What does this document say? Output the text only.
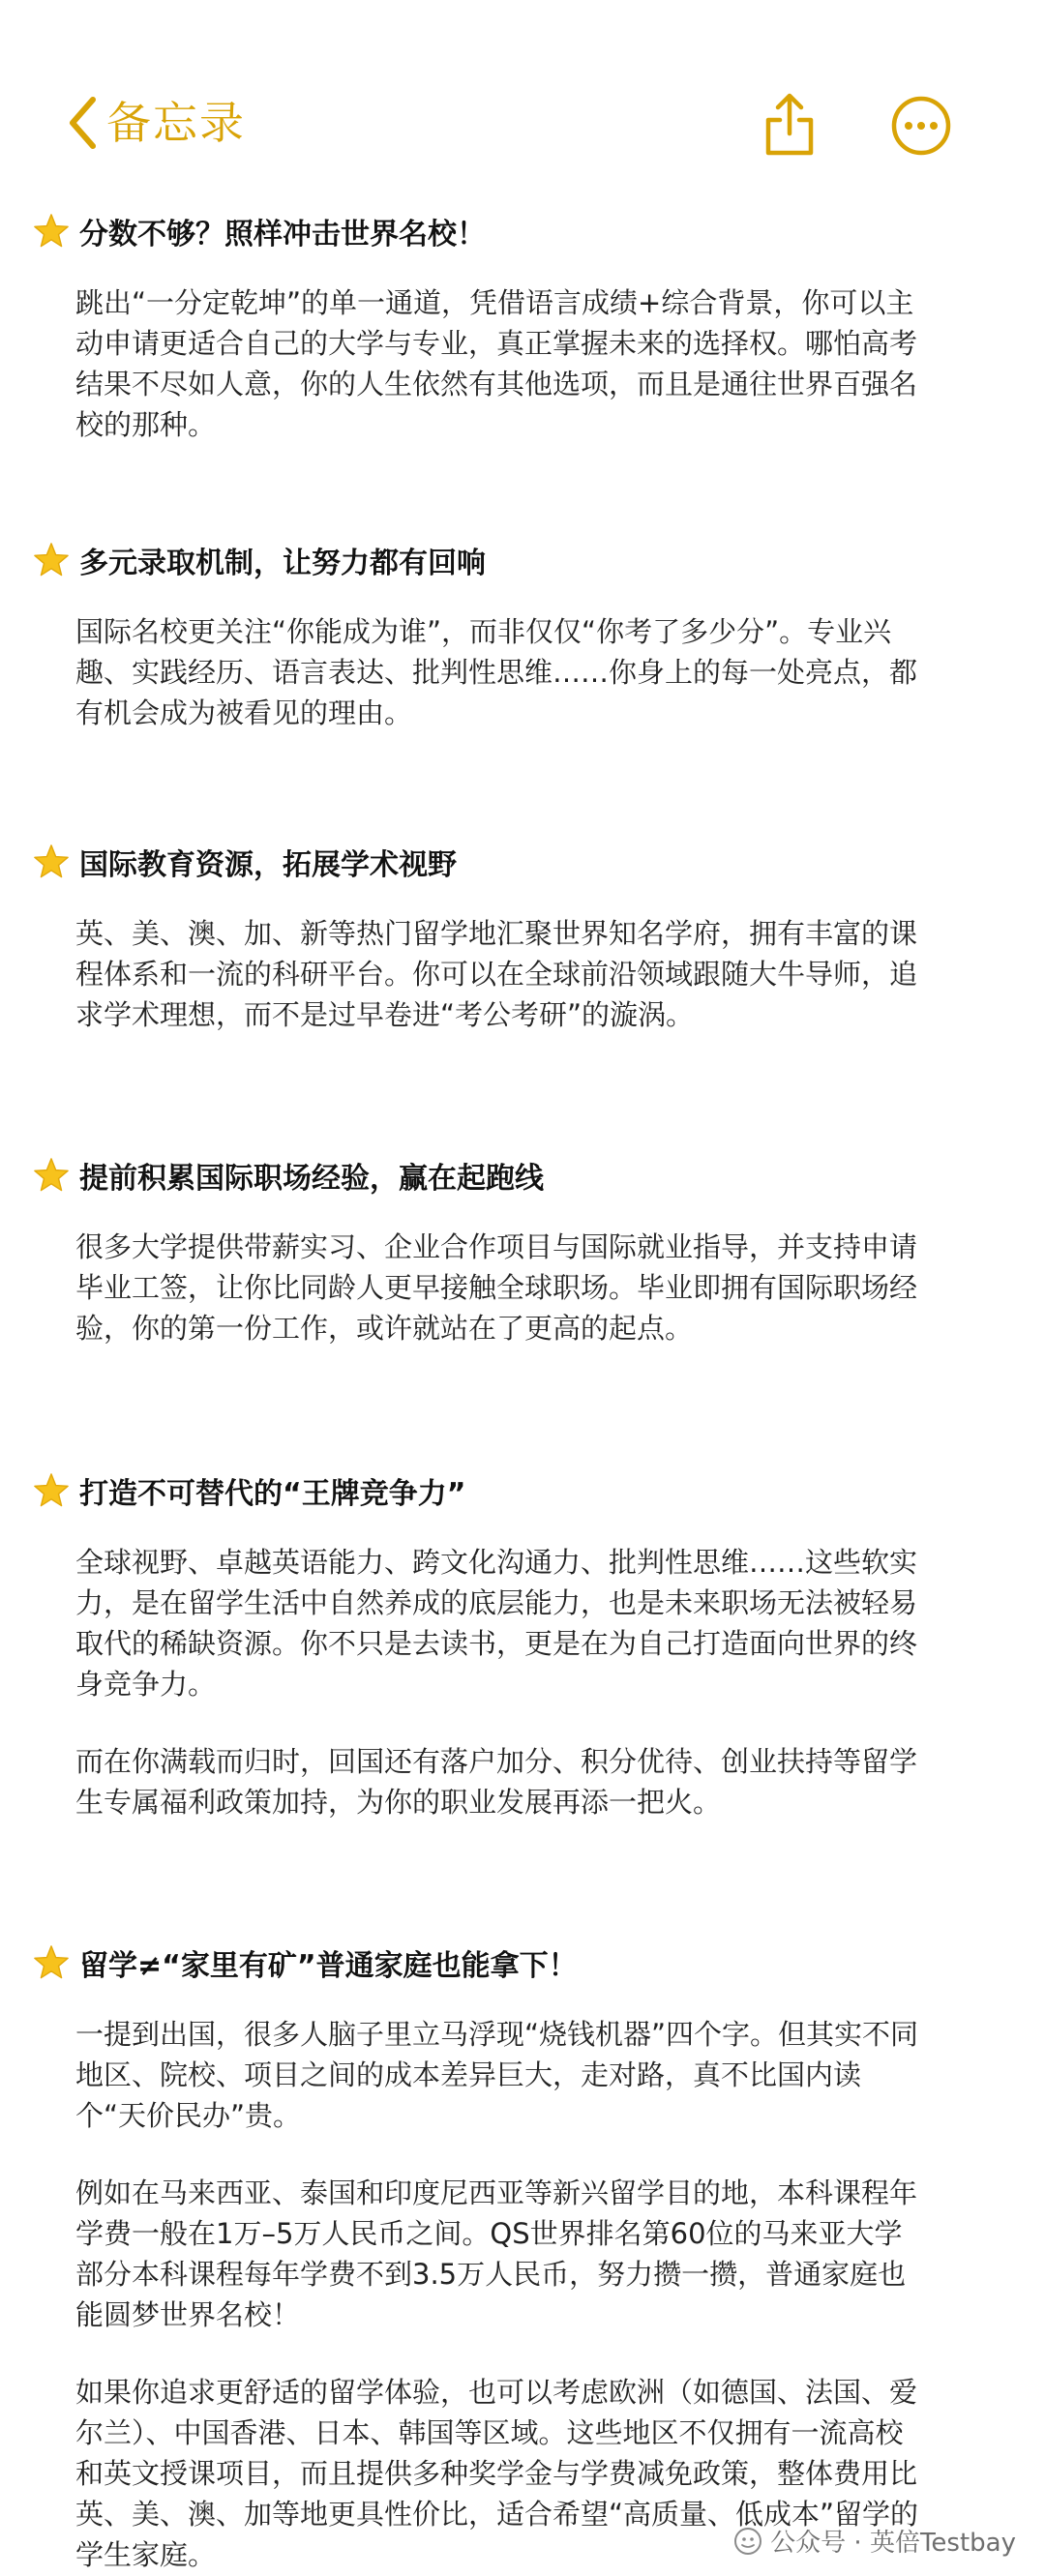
备忘录
分数不够？照样冲击世界名校！

跳出“一分定乾坤”的单一通道，凭借语言成绩+综合背景，你可以主动申请更适合自己的大学与专业，真正掌握未来的选择权。哪怕高考结果不尽如人意，你的人生依然有其他选项，而且是通往世界百强名校的那种。

多元录取机制，让努力都有回响

国际名校更关注“你能成为谁”，而非仅仅“你考了多少分”。专业兴趣、实践经历、语言表达、批判性思维……你身上的每一处亮点，都有机会成为被看见的理由。

国际教育资源，拓展学术视野

英、美、澳、加、新等热门留学地汇聚世界知名学府，拥有丰富的课程体系和一流的科研平台。你可以在全球前沿领域跟随大牛导师，追求学术理想，而不是过早卷进“考公考研”的漩涡。

提前积累国际职场经验，赢在起跑线

很多大学提供带薪实习、企业合作项目与国际就业指导，并支持申请毕业工签，让你比同龄人更早接触全球职场。毕业即拥有国际职场经验，你的第一份工作，或许就站在了更高的起点。

打造不可替代的“王牌竞争力”

全球视野、卓越英语能力、跨文化沟通力、批判性思维……这些软实力，是在留学生活中自然养成的底层能力，也是未来职场无法被轻易取代的稀缺资源。你不只是去读书，更是在为自己打造面向世界的终身竞争力。

而在你满载而归时，回国还有落户加分、积分优待、创业扶持等留学生专属福利政策加持，为你的职业发展再添一把火。

留学≠“家里有矿”普通家庭也能拿下！

一提到出国，很多人脑子里立马浮现“烧钱机器”四个字。但其实不同地区、院校、项目之间的成本差异巨大，走对路，真不比国内读个“天价民办”贵。

例如在马来西亚、泰国和印度尼西亚等新兴留学目的地，本科课程年学费一般在1万–5万人民币之间。QS世界排名第60位的马来亚大学部分本科课程每年学费不到3.5万人民币，努力攒一攒，普通家庭也能圆梦世界名校！

如果你追求更舒适的留学体验，也可以考虑欧洲（如德国、法国、爱尔兰）、中国香港、日本、韩国等区域。这些地区不仅拥有一流高校和英文授课项目，而且提供多种奖学金与学费减免政策，整体费用比英、美、澳、加等地更具性价比，适合希望“高质量、低成本”留学的学生家庭。	公众号 · 英倍Testbay
